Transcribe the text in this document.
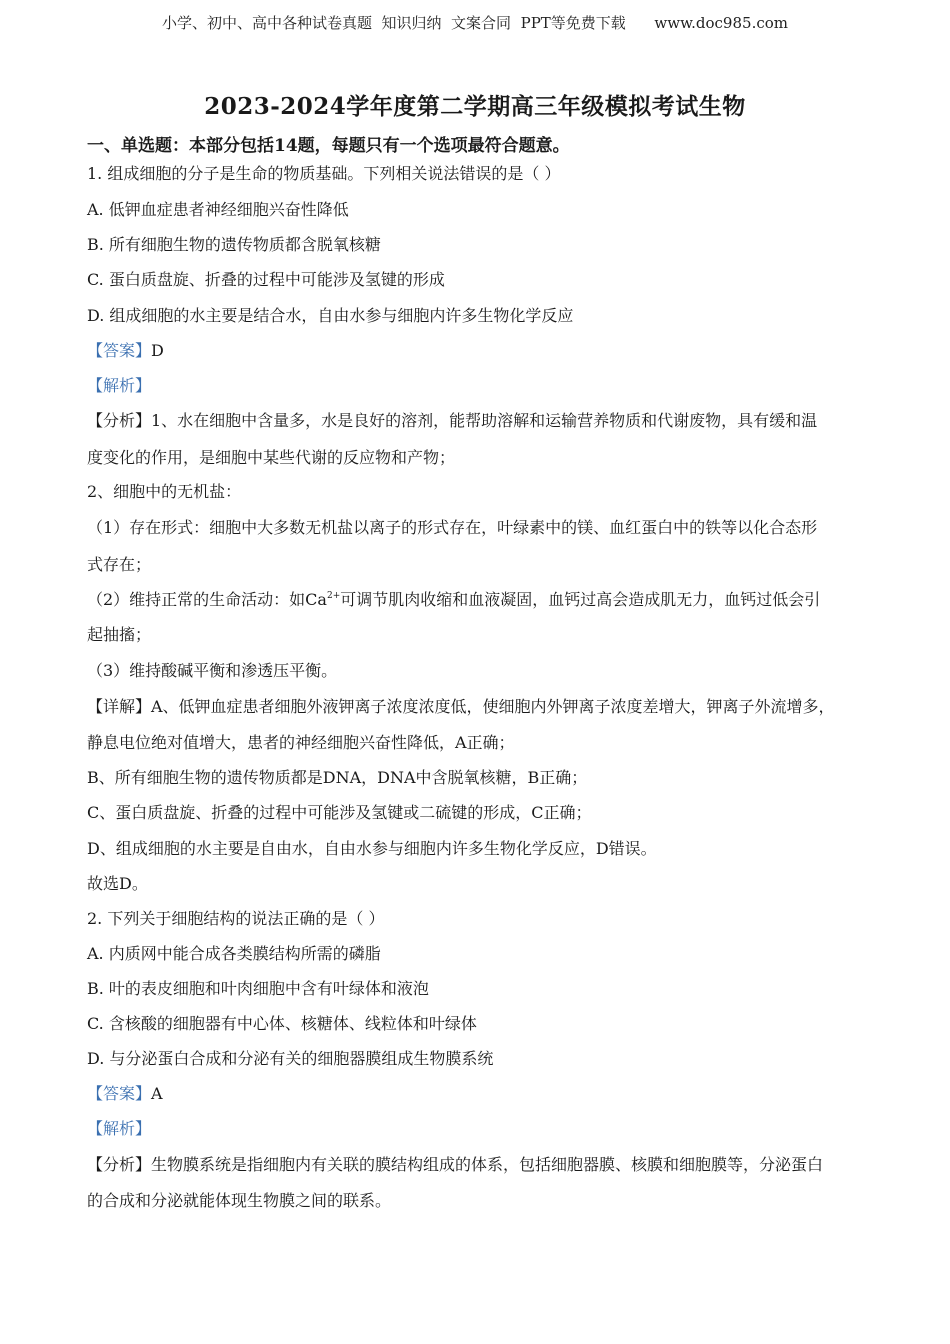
小学、初中、高中各种试卷真题  知识归纳  文案合同  PPT等免费下载      www.doc985.com
2023-2024学年度第二学期高三年级模拟考试生物
一、单选题：本部分包括14题，每题只有一个选项最符合题意。
1. 组成细胞的分子是生命的物质基础。下列相关说法错误的是（ ）
A. 低钾血症患者神经细胞兴奋性降低
B. 所有细胞生物的遗传物质都含脱氧核糖
C. 蛋白质盘旋、折叠的过程中可能涉及氢键的形成
D. 组成细胞的水主要是结合水，自由水参与细胞内许多生物化学反应
【答案】D
【解析】
【分析】1、水在细胞中含量多，水是良好的溶剂，能帮助溶解和运输营养物质和代谢废物，具有缓和温
度变化的作用，是细胞中某些代谢的反应物和产物；
2、细胞中的无机盐：
（1）存在形式：细胞中大多数无机盐以离子的形式存在，叶绿素中的镁、血红蛋白中的铁等以化合态形
式存在；
（2）维持正常的生命活动：如$Ca^{2+}$可调节肌肉收缩和血液凝固，血钙过高会造成肌无力，血钙过低会引
起抽搐；
（3）维持酸碱平衡和渗透压平衡。
【详解】A、低钾血症患者细胞外液钾离子浓度浓度低，使细胞内外钾离子浓度差增大，钾离子外流增多，
静息电位绝对值增大，患者的神经细胞兴奋性降低，A正确；
B、所有细胞生物的遗传物质都是DNA，DNA中含脱氧核糖，B正确；
C、蛋白质盘旋、折叠的过程中可能涉及氢键或二硫键的形成，C正确；
D、组成细胞的水主要是自由水，自由水参与细胞内许多生物化学反应，D错误。
故选D。
2. 下列关于细胞结构的说法正确的是（ ）
A. 内质网中能合成各类膜结构所需的磷脂
B. 叶的表皮细胞和叶肉细胞中含有叶绿体和液泡
C. 含核酸的细胞器有中心体、核糖体、线粒体和叶绿体
D. 与分泌蛋白合成和分泌有关的细胞器膜组成生物膜系统
【答案】A
【解析】
【分析】生物膜系统是指细胞内有关联的膜结构组成的体系，包括细胞器膜、核膜和细胞膜等，分泌蛋白
的合成和分泌就能体现生物膜之间的联系。
